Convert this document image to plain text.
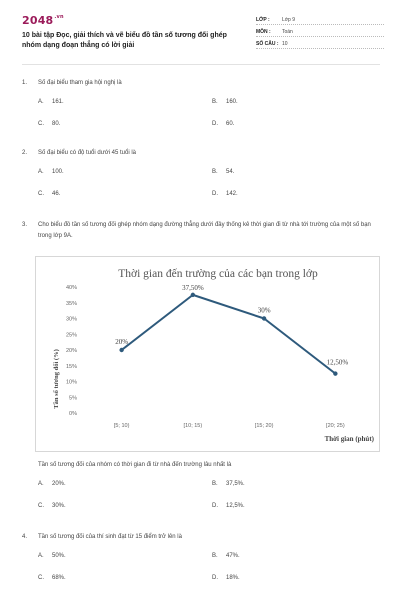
$2048^{.vn}$
10 bài tập Đọc, giải thích và vẽ biểu đồ tần số tương đối ghép nhóm dạng đoạn thẳng có lời giải
LỚP :	Lớp 9
MÔN :	Toán
SỐ CÂU : 10
1.	Số đại biểu tham gia hội nghị là
A. 161.	B. 160.
C. 80.	D. 60.
2.	Số đại biểu có độ tuổi dưới 45 tuổi là
A. 100.	B. 54.
C. 46.	D. 142.
3.	Cho biểu đồ tần số tương đối ghép nhóm dạng đường thẳng dưới đây thống kê thời gian đi từ nhà tới trường của một số bạn trong lớp 9A.
Thời gian đến trường của các bạn trong lớp
Tần số tương đối (%)
Thời gian (phút)
0%
5%
10%
15%
20%
25%
30%
35%
40%
[5; 10)	[10; 15)	[15; 20)	[20; 25)
20%
37,50%
30%
12,50%
Tần số tương đối của nhóm có thời gian đi từ nhà đến trường lâu nhất là
A. 20%.	B. 37,5%.
C. 30%.	D. 12,5%.
4.	Tần số tương đối của thí sinh đạt từ 15 điểm trở lên là
A. 50%.	B. 47%.
C. 68%.	D. 18%.
